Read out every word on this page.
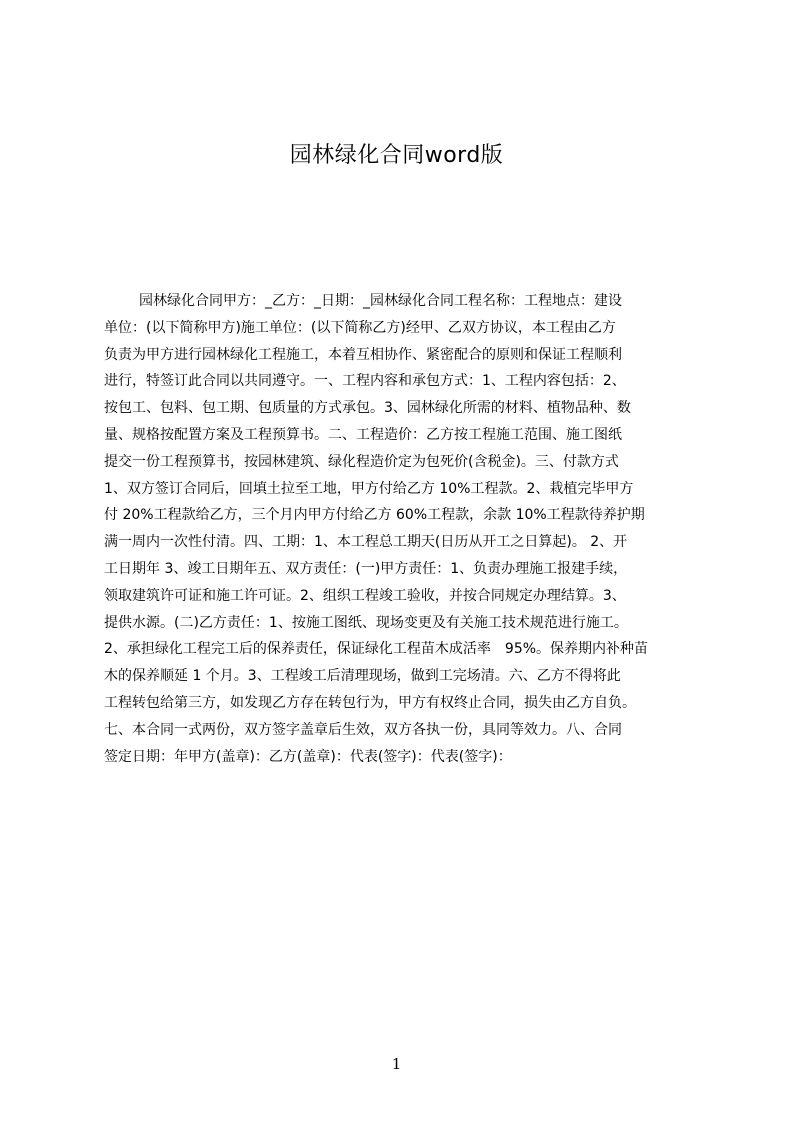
园林绿化合同word版
园林绿化合同甲方：_乙方：_日期：_园林绿化合同工程名称：工程地点：建设
单位：(以下简称甲方)施工单位：(以下简称乙方)经甲、乙双方协议，本工程由乙方
负责为甲方进行园林绿化工程施工，本着互相协作、紧密配合的原则和保证工程顺利
进行，特签订此合同以共同遵守。一、工程内容和承包方式：1、工程内容包括：2、
按包工、包料、包工期、包质量的方式承包。3、园林绿化所需的材料、植物品种、数
量、规格按配置方案及工程预算书。二、工程造价：乙方按工程施工范围、施工图纸
提交一份工程预算书，按园林建筑、绿化程造价定为包死价(含税金)。三、付款方式
1、双方签订合同后，回填土拉至工地，甲方付给乙方 10%工程款。2、栽植完毕甲方
付 20%工程款给乙方，三个月内甲方付给乙方 60%工程款，余款 10%工程款待养护期
满一周内一次性付清。四、工期：1、本工程总工期天(日历从开工之日算起)。 2、开
工日期年 3、竣工日期年五、双方责任：(一)甲方责任：1、负责办理施工报建手续，
领取建筑许可证和施工许可证。2、组织工程竣工验收，并按合同规定办理结算。3、
提供水源。(二)乙方责任：1、按施工图纸、现场变更及有关施工技术规范进行施工。
2、承担绿化工程完工后的保养责任，保证绿化工程苗木成活率　95%。保养期内补种苗
木的保养顺延 1 个月。3、工程竣工后清理现场，做到工完场清。六、乙方不得将此
工程转包给第三方，如发现乙方存在转包行为，甲方有权终止合同，损失由乙方自负。
七、本合同一式两份，双方签字盖章后生效，双方各执一份，具同等效力。八、合同
签定日期：年甲方(盖章)：乙方(盖章)：代表(签字)：代表(签字)：
1
